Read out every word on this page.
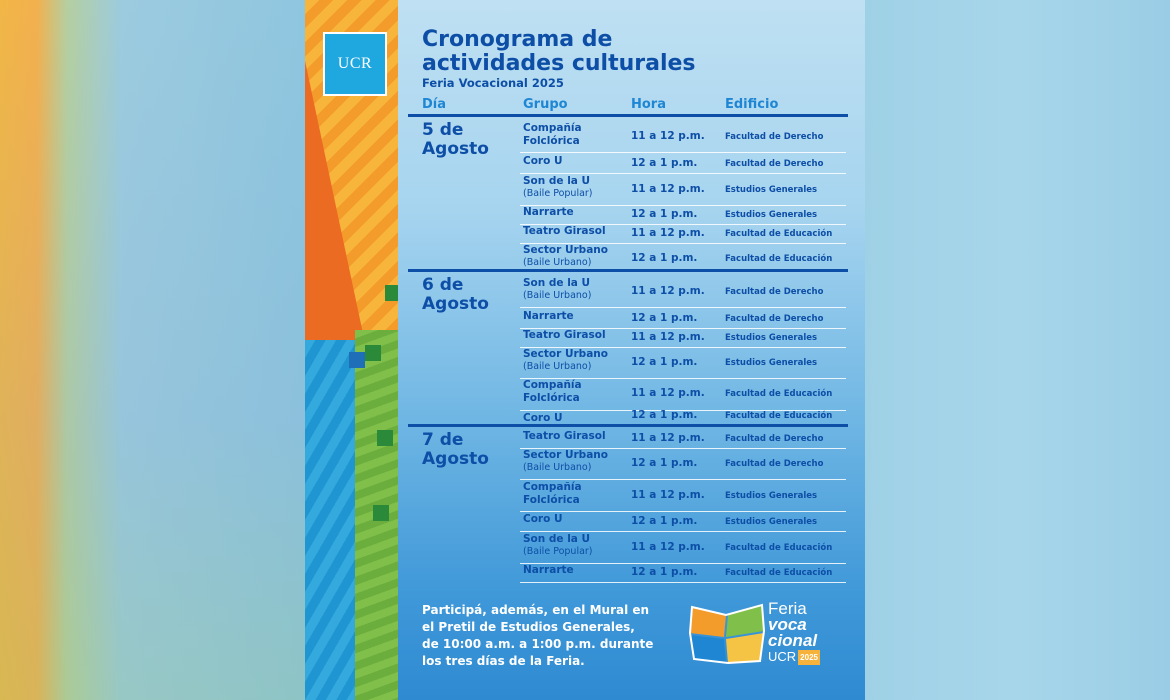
UCR
Cronograma de
actividades culturales
Feria Vocacional 2025
Día	Grupo	Hora	Edificio
5 de
Agosto
Compañía
Folclórica	11 a 12 p.m. Facultad de Derecho
Coro U	12 a 1 p.m.	Facultad de Derecho
Son de la U
(Baile Popular)	11 a 12 p.m. Estudios Generales
Narrarte	12 a 1 p.m.	Estudios Generales
Teatro Girasol 11 a 12 p.m. Facultad de Educación
Sector Urbano
(Baile Urbano)	12 a 1 p.m.	Facultad de Educación
6 de
Agosto
Son de la U
(Baile Urbano)	11 a 12 p.m. Facultad de Derecho
Narrarte	12 a 1 p.m.	Facultad de Derecho
Teatro Girasol 11 a 12 p.m. Estudios Generales
Sector Urbano
(Baile Urbano)	12 a 1 p.m.	Estudios Generales
Compañía
Folclórica	11 a 12 p.m. Facultad de Educación
Coro U	12 a 1 p.m.	Facultad de Educación
7 de
Agosto
Teatro Girasol 11 a 12 p.m. Facultad de Derecho
Sector Urbano
(Baile Urbano)	12 a 1 p.m.	Facultad de Derecho
Compañía
Folclórica	11 a 12 p.m. Estudios Generales
Coro U	12 a 1 p.m.	Estudios Generales
Son de la U
(Baile Popular)	11 a 12 p.m. Facultad de Educación
Narrarte	12 a 1 p.m.	Facultad de Educación
Participá, además, en el Mural en
el Pretil de Estudios Generales,
de 10:00 a.m. a 1:00 p.m. durante
los tres días de la Feria.
Feria
voca
cional
UCR 2025
